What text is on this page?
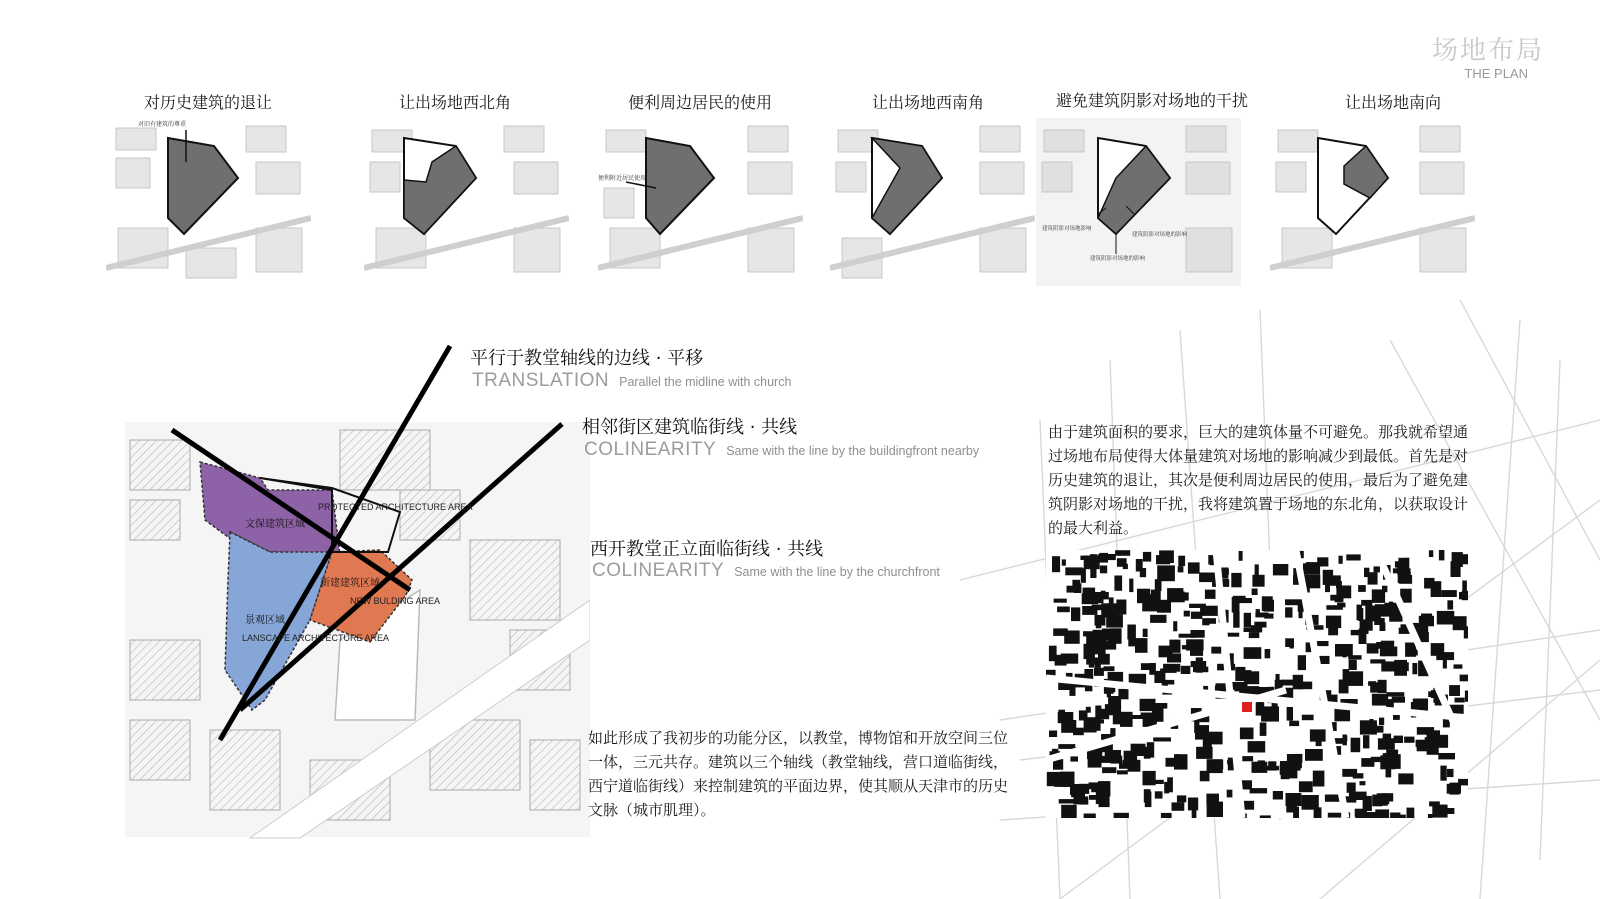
场地布局
THE PLAN
对历史建筑的退让	让出场地西北角	便利周边居民的使用	让出场地西南角	避免建筑阴影对场地的干扰	让出场地南向
对旧有建筑的尊重
便利附近居民使用
建筑阴影对场地影响
建筑阴影对场地的影响
建筑阴影对场地的影响
文保建筑区域
PROTECTED ARCHITECTURE AREA
新建建筑区域
NEW BULDING AREA
景观区域
LANSCAPE ARCHITECTURE AREA
平行于教堂轴线的边线 · 平移
TRANSLATION Parallel the midline with church
相邻街区建筑临街线 · 共线
COLINEARITY Same with the line by the buildingfront nearby
西开教堂正立面临街线 · 共线
COLINEARITY Same with the line by the churchfront
由于建筑面积的要求，巨大的建筑体量不可避免。那我就希望通过场地布局使得大体量建筑对场地的影响减少到最低。首先是对历史建筑的退让，其次是便利周边居民的使用，最后为了避免建筑阴影对场地的干扰，我将建筑置于场地的东北角，以获取设计的最大利益。
如此形成了我初步的功能分区，以教堂，博物馆和开放空间三位一体，三元共存。建筑以三个轴线（教堂轴线，营口道临街线，西宁道临街线）来控制建筑的平面边界，使其顺从天津市的历史文脉（城市肌理）。
